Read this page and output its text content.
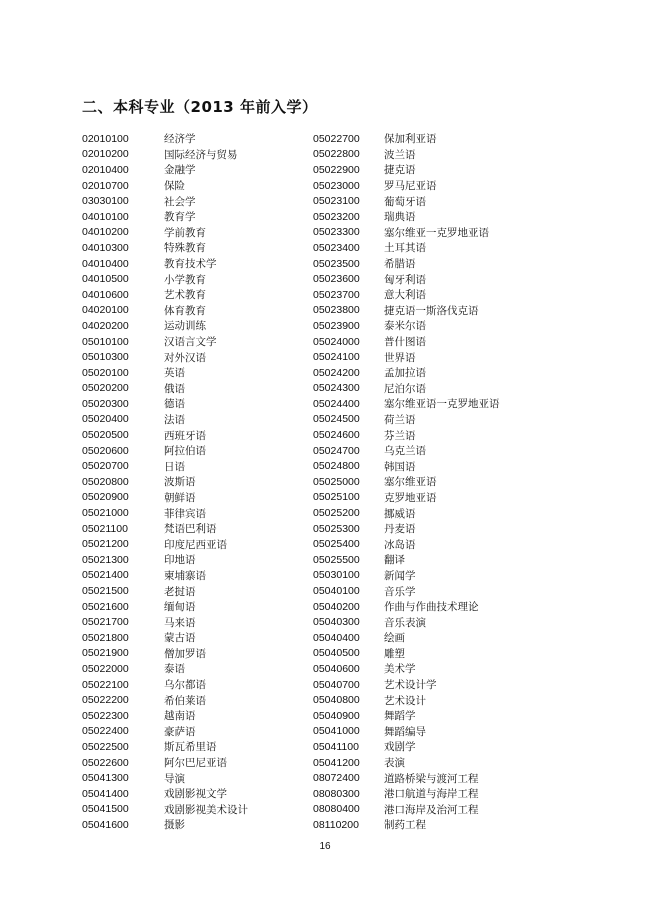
二、本科专业（2013 年前入学）
02010100	经济学
02010200	国际经济与贸易
02010400	金融学
02010700	保险
03030100	社会学
04010100	教育学
04010200	学前教育
04010300	特殊教育
04010400	教育技术学
04010500	小学教育
04010600	艺术教育
04020100	体育教育
04020200	运动训练
05010100	汉语言文学
05010300	对外汉语
05020100	英语
05020200	俄语
05020300	德语
05020400	法语
05020500	西班牙语
05020600	阿拉伯语
05020700	日语
05020800	波斯语
05020900	朝鲜语
05021000	菲律宾语
05021100	梵语巴利语
05021200	印度尼西亚语
05021300	印地语
05021400	柬埔寨语
05021500	老挝语
05021600	缅甸语
05021700	马来语
05021800	蒙古语
05021900	僧加罗语
05022000	泰语
05022100	乌尔都语
05022200	希伯莱语
05022300	越南语
05022400	豪萨语
05022500	斯瓦希里语
05022600	阿尔巴尼亚语
05041300	导演
05041400	戏剧影视文学
05041500	戏剧影视美术设计
05041600	摄影
05022700	保加利亚语
05022800	波兰语
05022900	捷克语
05023000	罗马尼亚语
05023100	葡萄牙语
05023200	瑞典语
05023300	塞尔维亚一克罗地亚语
05023400	土耳其语
05023500	希腊语
05023600	匈牙利语
05023700	意大利语
05023800	捷克语一斯洛伐克语
05023900	泰米尔语
05024000	普什图语
05024100	世界语
05024200	孟加拉语
05024300	尼泊尔语
05024400	塞尔维亚语一克罗地亚语
05024500	荷兰语
05024600	芬兰语
05024700	乌克兰语
05024800	韩国语
05025000	塞尔维亚语
05025100	克罗地亚语
05025200	挪威语
05025300	丹麦语
05025400	冰岛语
05025500	翻译
05030100	新闻学
05040100	音乐学
05040200	作曲与作曲技术理论
05040300	音乐表演
05040400	绘画
05040500	雕塑
05040600	美术学
05040700	艺术设计学
05040800	艺术设计
05040900	舞蹈学
05041000	舞蹈编导
05041100	戏剧学
05041200	表演
08072400	道路桥梁与渡河工程
08080300	港口航道与海岸工程
08080400	港口海岸及治河工程
08110200	制药工程
16
